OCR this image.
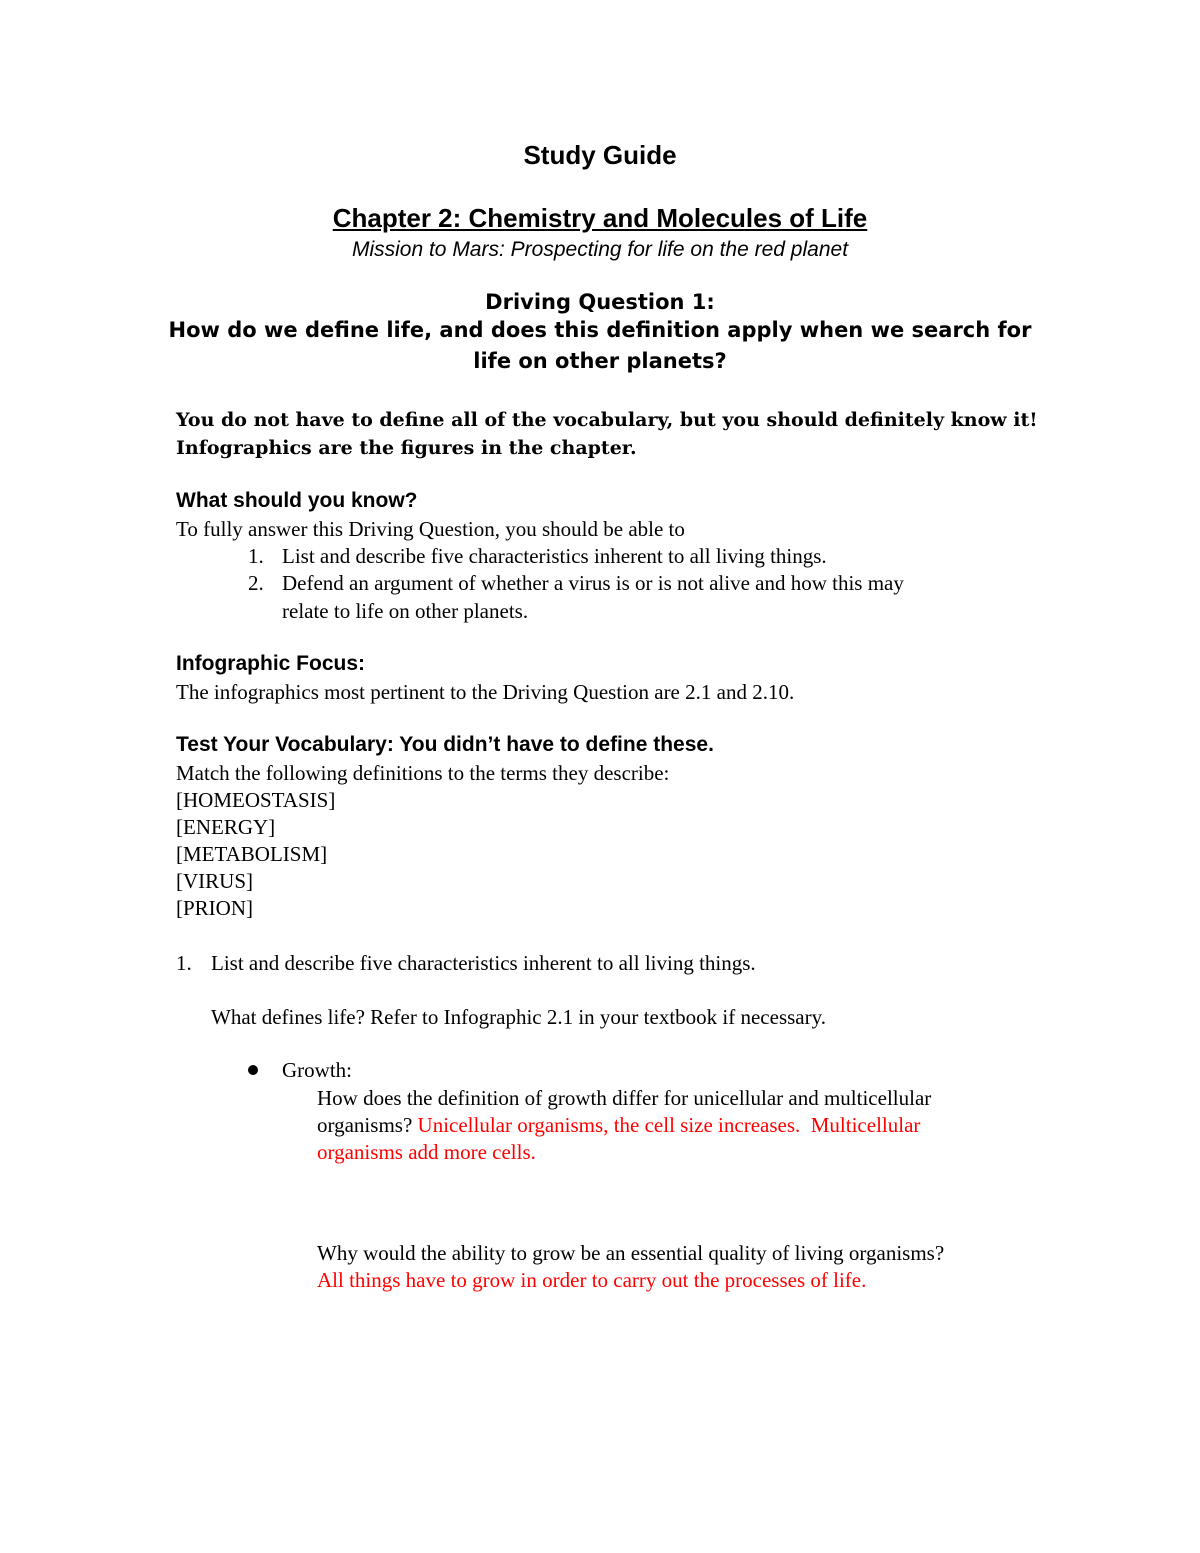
Study Guide

Chapter 2: Chemistry and Molecules of Life

Mission to Mars: Prospecting for life on the red planet

Driving Question 1:

How do we define life, and does this definition apply when we search for

life on other planets?

You do not have to define all of the vocabulary, but you should definitely know it!

Infographics are the figures in the chapter.

What should you know?

To fully answer this Driving Question, you should be able to

1. List and describe five characteristics inherent to all living things.

2. Defend an argument of whether a virus is or is not alive and how this may

relate to life on other planets.

Infographic Focus:

The infographics most pertinent to the Driving Question are 2.1 and 2.10.

Test Your Vocabulary: You didn’t have to define these.

Match the following definitions to the terms they describe:

[HOMEOSTASIS]

[ENERGY]

[METABOLISM]

[VIRUS]

[PRION]

1. List and describe five characteristics inherent to all living things.

What defines life? Refer to Infographic 2.1 in your textbook if necessary.

Growth:

How does the definition of growth differ for unicellular and multicellular

organisms? Unicellular organisms, the cell size increases.  Multicellular

organisms add more cells.

Why would the ability to grow be an essential quality of living organisms?

All things have to grow in order to carry out the processes of life.
